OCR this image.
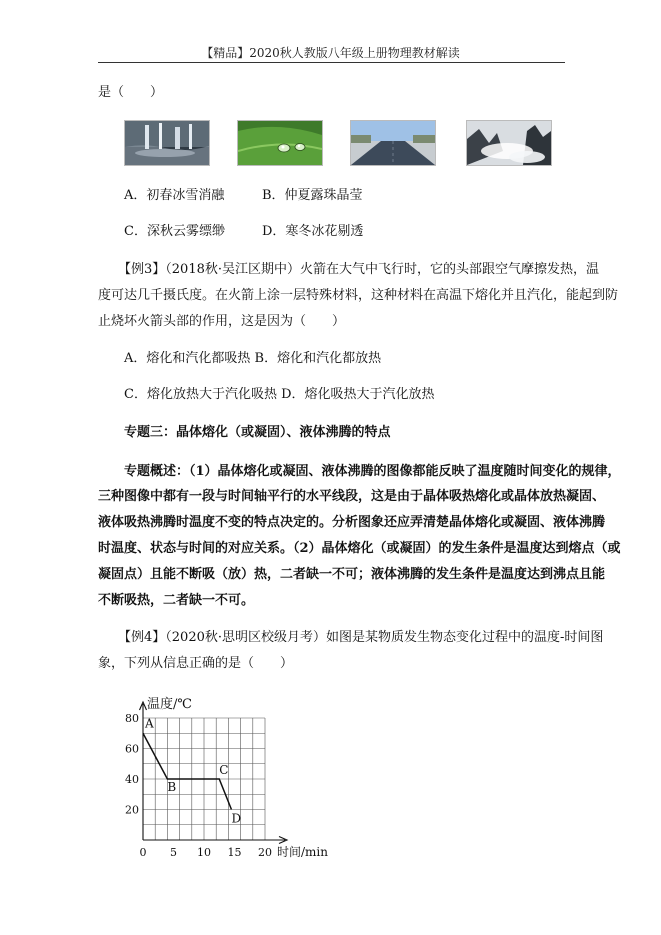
【精品】2020秋人教版八年级上册物理教材解读
是（　　）
A．初春冰雪消融	B．仲夏露珠晶莹
C．深秋云雾缥缈	D．寒冬冰花剔透
【例3】（2018秋·吴江区期中）火箭在大气中飞行时，它的头部跟空气摩擦发热，温
度可达几千摄氏度。在火箭上涂一层特殊材料，这种材料在高温下熔化并且汽化，能起到防
止烧坏火箭头部的作用，这是因为（　　）
A．熔化和汽化都吸热 B．熔化和汽化都放热
C．熔化放热大于汽化吸热 D．熔化吸热大于汽化放热
专题三：晶体熔化（或凝固）、液体沸腾的特点
专题概述：（1）晶体熔化或凝固、液体沸腾的图像都能反映了温度随时间变化的规律，
三种图像中都有一段与时间轴平行的水平线段，这是由于晶体吸热熔化或晶体放热凝固、
液体吸热沸腾时温度不变的特点决定的。分析图象还应弄清楚晶体熔化或凝固、液体沸腾
时温度、状态与时间的对应关系。（2）晶体熔化（或凝固）的发生条件是温度达到熔点（或
凝固点）且能不断吸（放）热，二者缺一不可；液体沸腾的发生条件是温度达到沸点且能
不断吸热，二者缺一不可。
【例4】（2020秋·思明区校级月考）如图是某物质发生物态变化过程中的温度-时间图
象，下列从信息正确的是（　　）
0 5 10 15 20
20
40
60
80
温度/℃
时间/min
A
B
C
D
